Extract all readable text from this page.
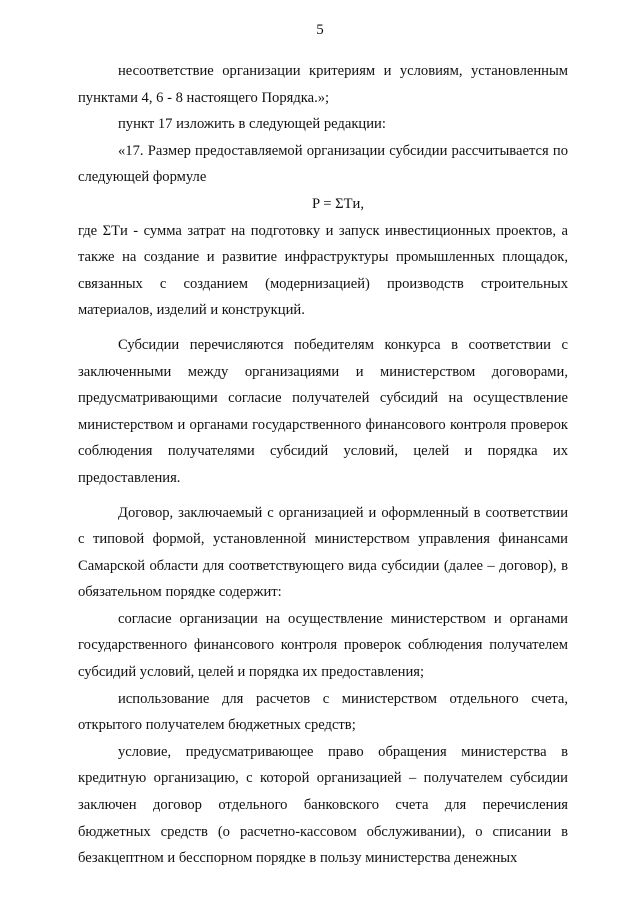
5

несоответствие организации критериям и условиям, установленным пунктами 4, 6 - 8 настоящего Порядка.»;

пункт 17 изложить в следующей редакции:

«17. Размер предоставляемой организации субсидии рассчитывается по следующей формуле

P = ΣTи,

где ΣTи - сумма затрат на подготовку и запуск инвестиционных проектов, а также на создание и развитие инфраструктуры промышленных площадок, связанных с созданием (модернизацией) производств строительных материалов, изделий и конструкций.

Субсидии перечисляются победителям конкурса в соответствии с заключенными между организациями и министерством договорами, предусматривающими согласие получателей субсидий на осуществление министерством и органами государственного финансового контроля проверок соблюдения получателями субсидий условий, целей и порядка их предоставления.

Договор, заключаемый с организацией и оформленный в соответствии с типовой формой, установленной министерством управления финансами Самарской области для соответствующего вида субсидии (далее – договор), в обязательном порядке содержит:

согласие организации на осуществление министерством и органами государственного финансового контроля проверок соблюдения получателем субсидий условий, целей и порядка их предоставления;

использование для расчетов с министерством отдельного счета, открытого получателем бюджетных средств;

условие, предусматривающее право обращения министерства в кредитную организацию, с которой организацией – получателем субсидии заключен договор отдельного банковского счета для перечисления бюджетных средств (о расчетно-кассовом обслуживании), о списании в безакцептном и бесспорном порядке в пользу министерства денежных
